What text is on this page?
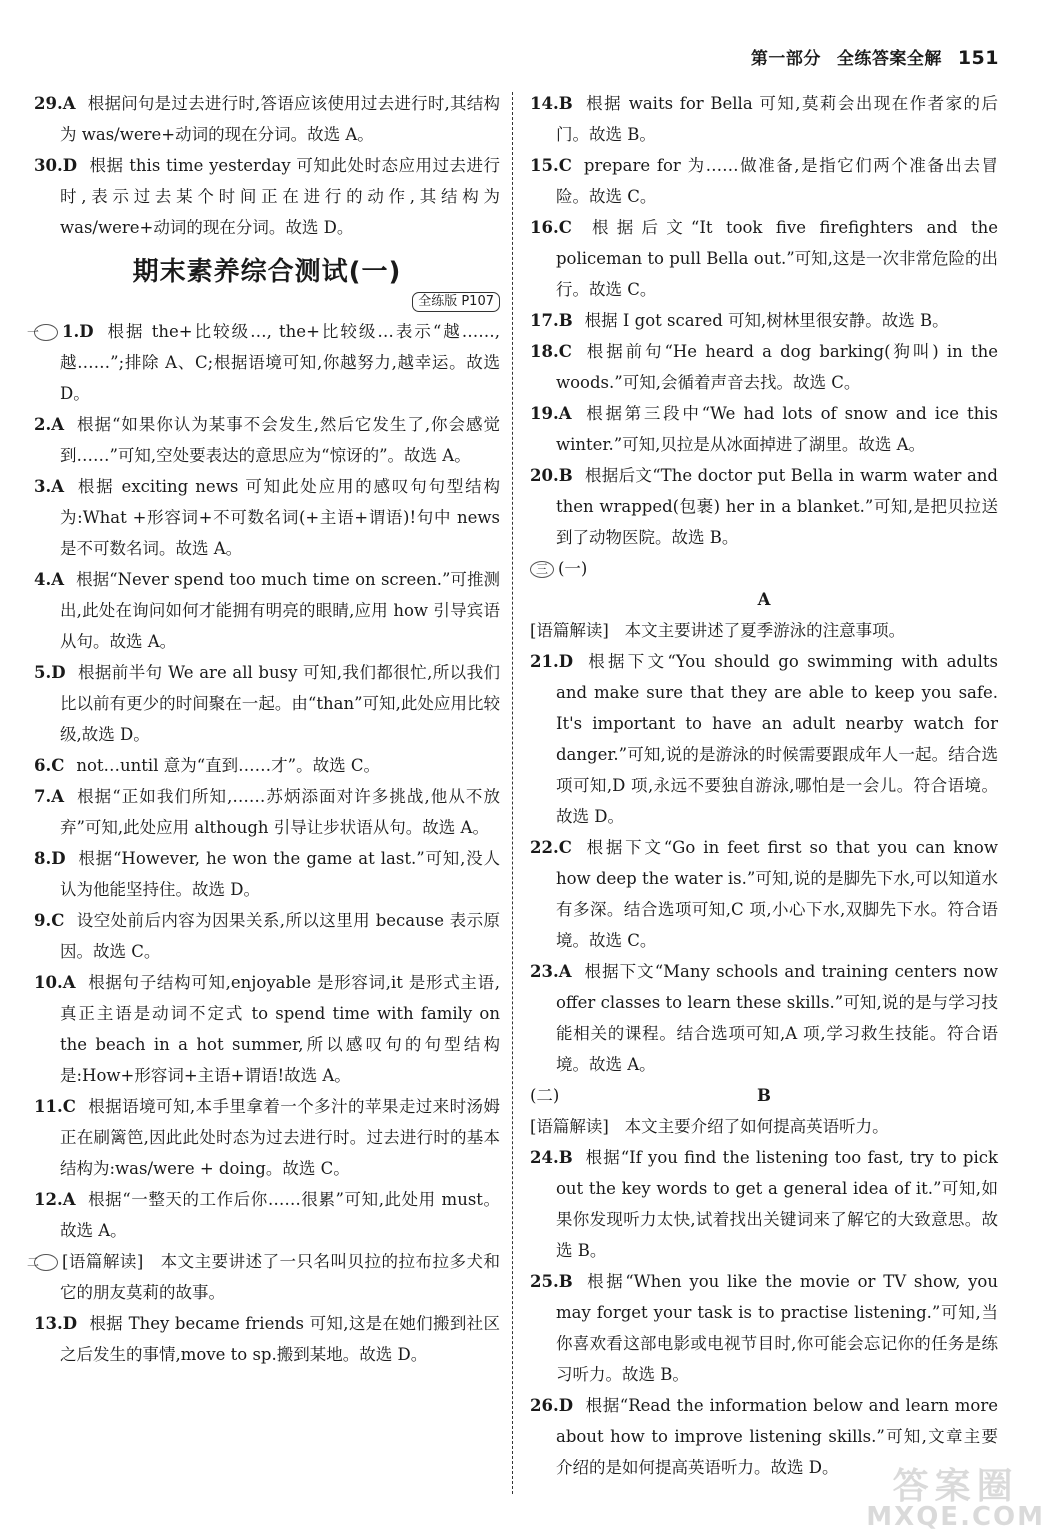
第一部分 全练答案全解 151

29.A 根据问句是过去进行时,答语应该使用过去进行时,其结构为 was/were+动词的现在分词。故选 A。

30.D 根据 this time yesterday 可知此处时态应用过去进行时,表示过去某个时间正在进行的动作,其结构为 was/were+动词的现在分词。故选 D。

期末素养综合测试(一)
全练版 P107

一 1.D 根据 the+比较级…, the+比较级…表示“越……,越……”;排除 A、C;根据语境可知,你越努力,越幸运。故选 D。

2.A 根据“如果你认为某事不会发生,然后它发生了,你会感觉到……”可知,空处要表达的意思应为“惊讶的”。故选 A。

3.A 根据 exciting news 可知此处应用的感叹句句型结构为:What +形容词+不可数名词(+主语+谓语)!句中 news 是不可数名词。故选 A。

4.A 根据“Never spend too much time on screen.”可推测出,此处在询问如何才能拥有明亮的眼睛,应用 how 引导宾语从句。故选 A。

5.D 根据前半句 We are all busy 可知,我们都很忙,所以我们比以前有更少的时间聚在一起。由“than”可知,此处应用比较级,故选 D。

6.C not…until 意为“直到……才”。故选 C。

7.A 根据“正如我们所知,……苏炳添面对许多挑战,他从不放弃”可知,此处应用 although 引导让步状语从句。故选 A。

8.D 根据“However, he won the game at last.”可知,没人认为他能坚持住。故选 D。

9.C 设空处前后内容为因果关系,所以这里用 because 表示原因。故选 C。

10.A 根据句子结构可知,enjoyable 是形容词,it 是形式主语,真正主语是动词不定式 to spend time with family on the beach in a hot summer,所以感叹句的句型结构是:How+形容词+主语+谓语!故选 A。

11.C 根据语境可知,本手里拿着一个多汁的苹果走过来时汤姆正在刷篱笆,因此此处时态为过去进行时。过去进行时的基本结构为:was/were + doing。故选 C。

12.A 根据“一整天的工作后你……很累”可知,此处用 must。故选 A。

二 [语篇解读] 本文主要讲述了一只名叫贝拉的拉布拉多犬和它的朋友莫莉的故事。

13.D 根据 They became friends 可知,这是在她们搬到社区之后发生的事情,move to sp.搬到某地。故选 D。

14.B 根据 waits for Bella 可知,莫莉会出现在作者家的后门。故选 B。

15.C prepare for 为……做准备,是指它们两个准备出去冒险。故选 C。

16.C 根据后文“It took five firefighters and the policeman to pull Bella out.”可知,这是一次非常危险的出行。故选 C。

17.B 根据 I got scared 可知,树林里很安静。故选 B。

18.C 根据前句“He heard a dog barking(狗叫) in the woods.”可知,会循着声音去找。故选 C。

19.A 根据第三段中“We had lots of snow and ice this winter.”可知,贝拉是从冰面掉进了湖里。故选 A。

20.B 根据后文“The doctor put Bella in warm water and then wrapped(包裹) her in a blanket.”可知,是把贝拉送到了动物医院。故选 B。

三 (一)

A

[语篇解读] 本文主要讲述了夏季游泳的注意事项。

21.D 根据下文“You should go swimming with adults and make sure that they are able to keep you safe. It's important to have an adult nearby watch for danger.”可知,说的是游泳的时候需要跟成年人一起。结合选项可知,D 项,永远不要独自游泳,哪怕是一会儿。符合语境。故选 D。

22.C 根据下文“Go in feet first so that you can know how deep the water is.”可知,说的是脚先下水,可以知道水有多深。结合选项可知,C 项,小心下水,双脚先下水。符合语境。故选 C。

23.A 根据下文“Many schools and training centers now offer classes to learn these skills.”可知,说的是与学习技能相关的课程。结合选项可知,A 项,学习救生技能。符合语境。故选 A。

(二)	B

[语篇解读] 本文主要介绍了如何提高英语听力。

24.B 根据“If you find the listening too fast, try to pick out the key words to get a general idea of it.”可知,如果你发现听力太快,试着找出关键词来了解它的大致意思。故选 B。

25.B 根据“When you like the movie or TV show, you may forget your task is to practise listening.”可知,当你喜欢看这部电影或电视节目时,你可能会忘记你的任务是练习听力。故选 B。

26.D 根据“Read the information below and learn more about how to improve listening skills.”可知,文章主要介绍的是如何提高英语听力。故选 D。	答案圈
MXQE.COM
